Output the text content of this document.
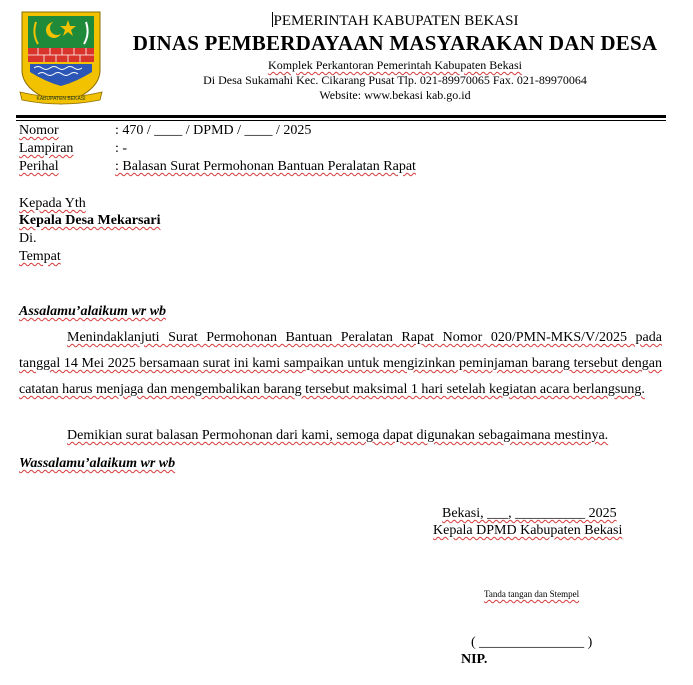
KABUPATEN BEKASI
PEMERINTAH KABUPATEN BEKASI
DINAS PEMBERDAYAAN MASYARAKAN DAN DESA
Komplek Perkantoran Pemerintah Kabupaten Bekasi
Di Desa Sukamahi Kec. Cikarang Pusat Tlp. 021-89970065 Fax. 021-89970064
Website: www.bekasi kab.go.id
Nomor	: 470 / ____ / DPMD / ____ / 2025
Lampiran	: -
Perihal	: Balasan Surat Permohonan Bantuan Peralatan Rapat
Kepada Yth
Kepala Desa Mekarsari
Di.
Tempat
Assalamu’alaikum wr wb
Menindaklanjuti Surat Permohonan Bantuan Peralatan Rapat Nomor 020/PMN-MKS/V/2025 pada tanggal 14 Mei 2025 bersamaan surat ini kami sampaikan untuk mengizinkan peminjaman barang tersebut dengan catatan harus menjaga dan mengembalikan barang tersebut maksimal 1 hari setelah kegiatan acara berlangsung.
Demikian surat balasan Permohonan dari kami, semoga dapat digunakan sebagaimana mestinya.
Wassalamu’alaikum wr wb
Bekasi, ___, __________ 2025
Kepala DPMD Kabupaten Bekasi
Tanda tangan dan Stempel
( _______________ )
NIP.
